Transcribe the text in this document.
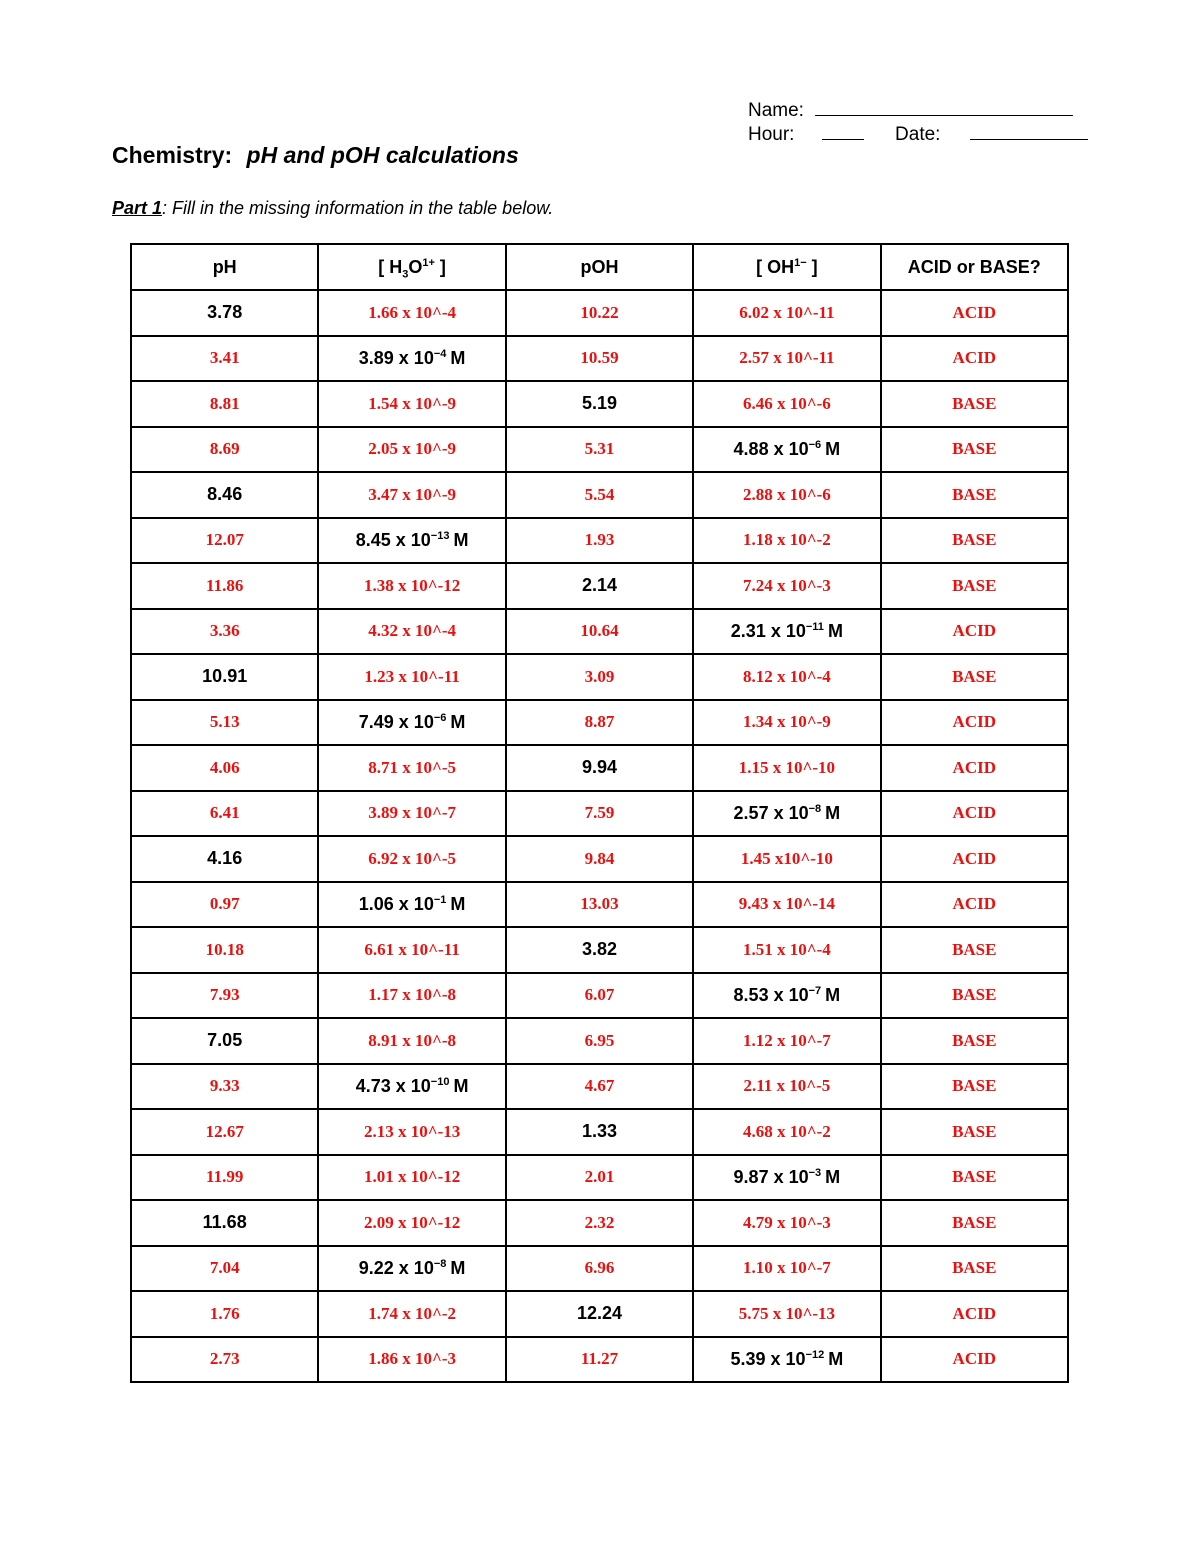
Name:
Hour:	Date:
Chemistry: pH and pOH calculations
Part 1: Fill in the missing information in the table below.
pH	[ $H_3O^{1+}$ ]	pOH	[ $OH^{1-}$ ]	ACID or BASE?
3.78	1.66 x 10^-4	10.22	6.02 x 10^-11	ACID
3.41	3.89 x $10^{-4}$ M	10.59	2.57 x 10^-11	ACID
8.81	1.54 x 10^-9	5.19	6.46 x 10^-6	BASE
8.69	2.05 x 10^-9	5.31	4.88 x $10^{-6}$ M	BASE
8.46	3.47 x 10^-9	5.54	2.88 x 10^-6	BASE
12.07	8.45 x $10^{-13}$ M	1.93	1.18 x 10^-2	BASE
11.86	1.38 x 10^-12	2.14	7.24 x 10^-3	BASE
3.36	4.32 x 10^-4	10.64	2.31 x $10^{-11}$ M	ACID
10.91	1.23 x 10^-11	3.09	8.12 x 10^-4	BASE
5.13	7.49 x $10^{-6}$ M	8.87	1.34 x 10^-9	ACID
4.06	8.71 x 10^-5	9.94	1.15 x 10^-10	ACID
6.41	3.89 x 10^-7	7.59	2.57 x $10^{-8}$ M	ACID
4.16	6.92 x 10^-5	9.84	1.45 x10^-10	ACID
0.97	1.06 x $10^{-1}$ M	13.03	9.43 x 10^-14	ACID
10.18	6.61 x 10^-11	3.82	1.51 x 10^-4	BASE
7.93	1.17 x 10^-8	6.07	8.53 x $10^{-7}$ M	BASE
7.05	8.91 x 10^-8	6.95	1.12 x 10^-7	BASE
9.33	4.73 x $10^{-10}$ M	4.67	2.11 x 10^-5	BASE
12.67	2.13 x 10^-13	1.33	4.68 x 10^-2	BASE
11.99	1.01 x 10^-12	2.01	9.87 x $10^{-3}$ M	BASE
11.68	2.09 x 10^-12	2.32	4.79 x 10^-3	BASE
7.04	9.22 x $10^{-8}$ M	6.96	1.10 x 10^-7	BASE
1.76	1.74 x 10^-2	12.24	5.75 x 10^-13	ACID
2.73	1.86 x 10^-3	11.27	5.39 x $10^{-12}$ M	ACID
